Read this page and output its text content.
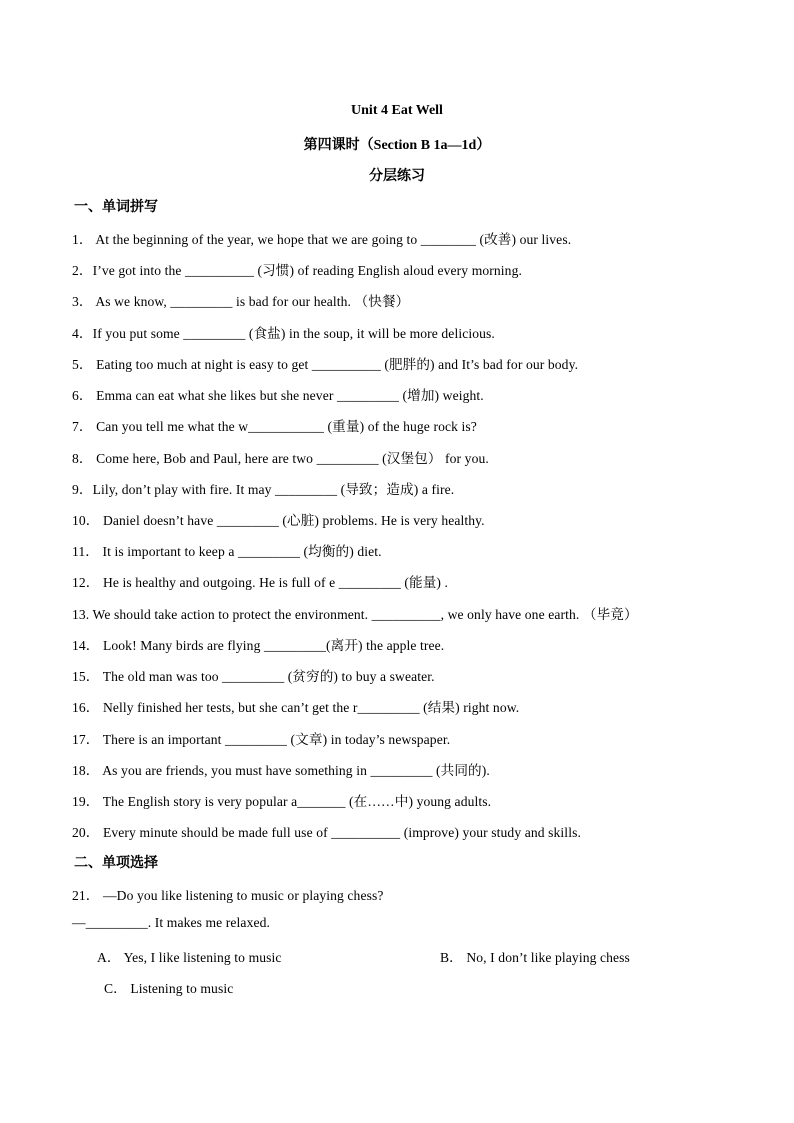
Unit 4 Eat Well
第四课时（Section B 1a—1d）
分层练习
一、单词拼写
1． At the beginning of the year, we hope that we are going to ________ (改善) our lives.
2．I’ve got into the __________ (习惯) of reading English aloud every morning.
3． As we know, _________ is bad for our health. （快餐）
4．If you put some _________ (食盐) in the soup, it will be more delicious.
5． Eating too much at night is easy to get __________ (肥胖的) and It’s bad for our body.
6． Emma can eat what she likes but she never _________ (增加) weight.
7． Can you tell me what the w___________ (重量) of the huge rock is?
8． Come here, Bob and Paul, here are two _________ (汉堡包） for you.
9．Lily, don’t play with fire. It may _________ (导致；造成) a fire.
10． Daniel doesn’t have _________ (心脏) problems. He is very healthy.
11． It is important to keep a _________ (均衡的) diet.
12． He is healthy and outgoing. He is full of e _________ (能量) .
13. We should take action to protect the environment. __________, we only have one earth. （毕竟）
14． Look! Many birds are flying _________(离开) the apple tree.
15． The old man was too _________ (贫穷的) to buy a sweater.
16． Nelly finished her tests, but she can’t get the r_________ (结果) right now.
17． There is an important _________ (文章) in today’s newspaper.
18． As you are friends, you must have something in _________ (共同的).
19． The English story is very popular a_______ (在……中) young adults.
20． Every minute should be made full use of __________ (improve) your study and skills.
二、单项选择
21． —Do you like listening to music or playing chess?
—_________. It makes me relaxed.
A． Yes, I like listening to music	B． No, I don’t like playing chess
C． Listening to music
